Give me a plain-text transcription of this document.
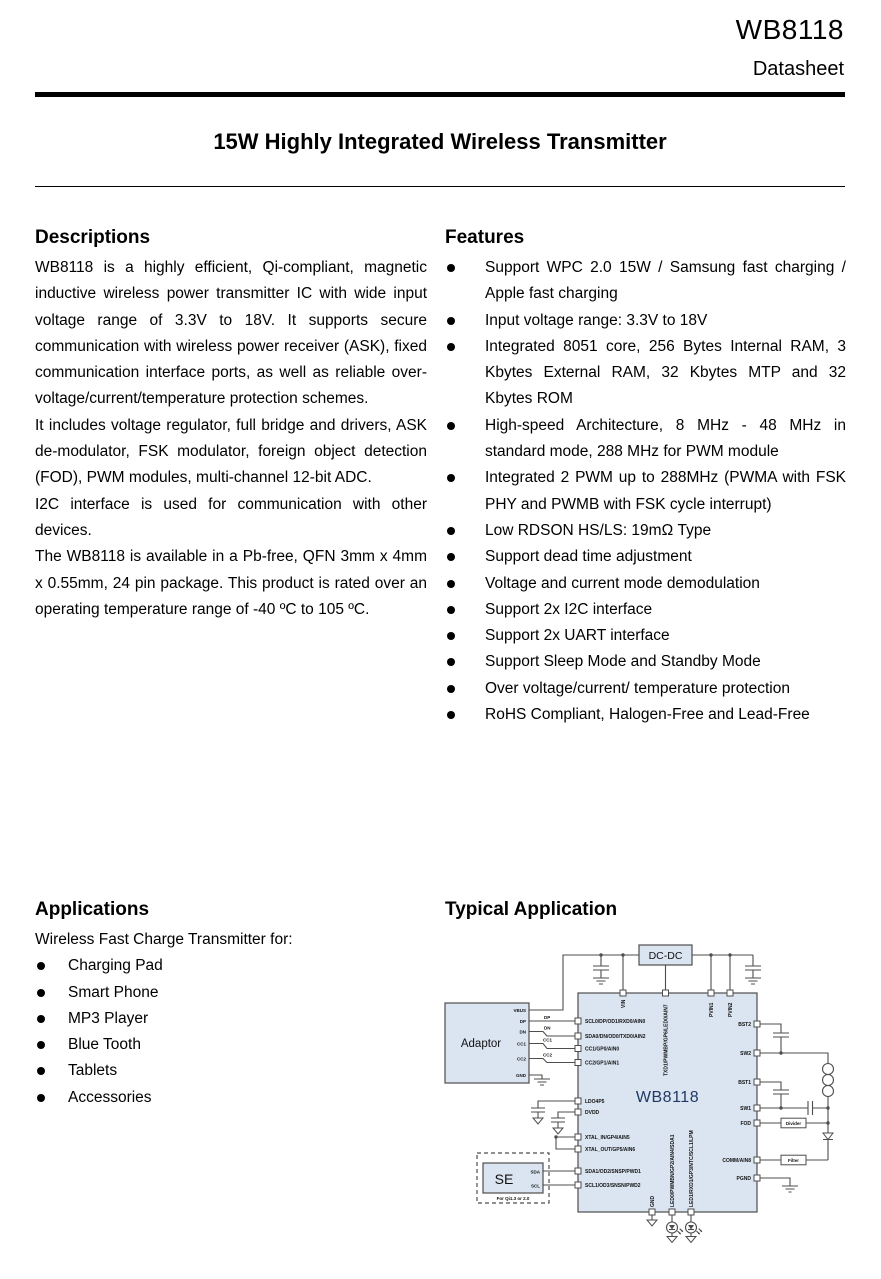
WB8118
Datasheet
15W Highly Integrated Wireless Transmitter
Descriptions

WB8118 is a highly efficient, Qi-compliant, magnetic inductive wireless power transmitter IC with wide input voltage range of 3.3V to 18V. It supports secure communication with wireless power receiver (ASK), fixed communication interface ports, as well as reliable over-voltage/current/temperature protection schemes.

It includes voltage regulator, full bridge and drivers, ASK de-modulator, FSK modulator, foreign object detection (FOD), PWM modules, multi-channel 12-bit ADC.

I2C interface is used for communication with other devices.

The WB8118 is available in a Pb-free, QFN 3mm x 4mm x 0.55mm, 24 pin package. This product is rated over an operating temperature range of -40 ºC to 105 ºC.

Features
Support WPC 2.0 15W / Samsung fast charging / Apple fast charging
Input voltage range: 3.3V to 18V
Integrated 8051 core, 256 Bytes Internal RAM, 3 Kbytes External RAM, 32 Kbytes MTP and 32 Kbytes ROM
High-speed Architecture, 8 MHz - 48 MHz in standard mode, 288 MHz for PWM module
Integrated 2 PWM up to 288MHz (PWMA with FSK PHY and PWMB with FSK cycle interrupt)
Low RDSON HS/LS: 19mΩ Type
Support dead time adjustment
Voltage and current mode demodulation
Support 2x I2C interface
Support 2x UART interface
Support Sleep Mode and Standby Mode
Over voltage/current/ temperature protection
RoHS Compliant, Halogen-Free and Lead-Free
Applications

Wireless Fast Charge Transmitter for:

Charging Pad
Smart Phone
MP3 Player
Blue Tooth
Tablets
Accessories
Typical Application
DC-DC
Adaptor
VBUS
DP
DN
CC1
CC2
GND
DP
DN
CC1
CC2
SE	SDA
SCL
For Qi1.3 or 2.0
WB8118
VIN
TXD1/PWMBP/GP6/LED0/AIN7	PVIN1	PVIN2
SCL0/DP/OD1/RXD0/AIN0
SDA0/DN/OD0/TXD0/AIN2
CC1/GP0/AIN0
CC2/GP1/AIN1
LDO4P5
DVDD
XTAL_IN/GP4/AIN5
XTAL_OUT/GP5/AIN6
SDA1/OD2/SNSP/PWD1
SCL1/OD3/SNSN/PWD2
BST2
SW2
BST1
SW1
FOD
COMM/AIN8
PGND
GND	LED0/PWMBN/GP2/AIN4/SDA1	LED1/RXD1/GP3/NTC/SCL1/LPM
Divider
Filter
